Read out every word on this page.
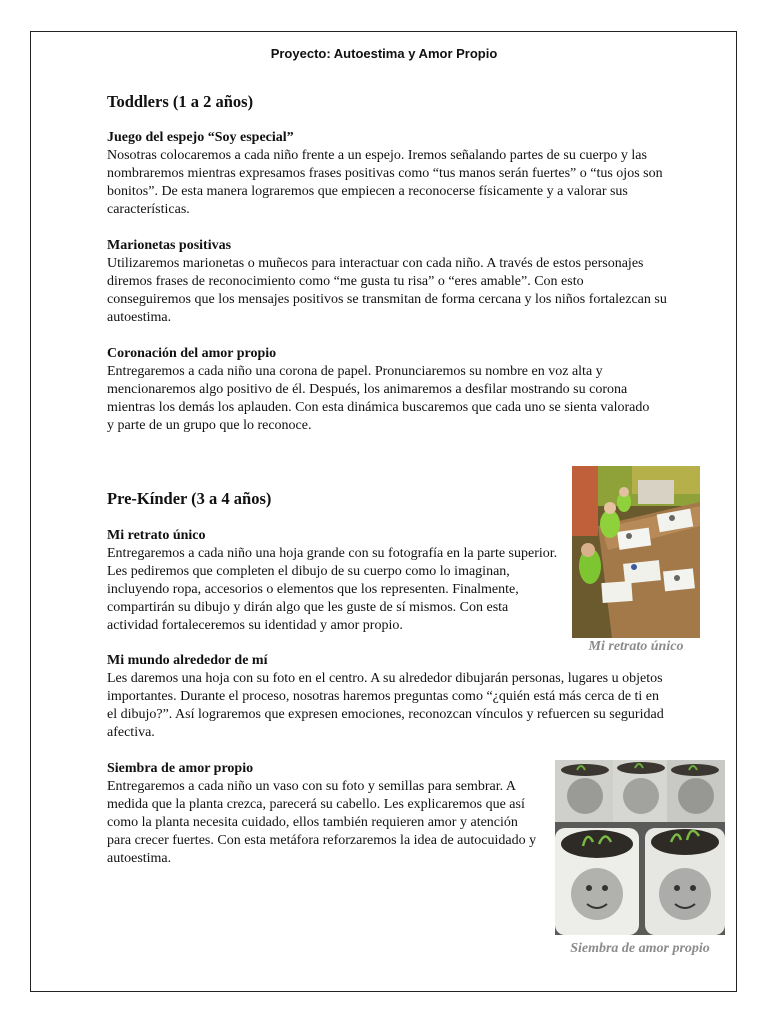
Proyecto: Autoestima y Amor Propio
Toddlers (1 a 2 años)
Juego del espejo “Soy especial”
Nosotras colocaremos a cada niño frente a un espejo. Iremos señalando partes de su cuerpo y las nombraremos mientras expresamos frases positivas como “tus manos serán fuertes” o “tus ojos son bonitos”. De esta manera lograremos que empiecen a reconocerse físicamente y a valorar sus características.
Marionetas positivas
Utilizaremos marionetas o muñecos para interactuar con cada niño. A través de estos personajes diremos frases de reconocimiento como “me gusta tu risa” o “eres amable”. Con esto conseguiremos que los mensajes positivos se transmitan de forma cercana y los niños fortalezcan su autoestima.
Coronación del amor propio
Entregaremos a cada niño una corona de papel. Pronunciaremos su nombre en voz alta y mencionaremos algo positivo de él. Después, los animaremos a desfilar mostrando su corona mientras los demás los aplauden. Con esta dinámica buscaremos que cada uno se sienta valorado y parte de un grupo que lo reconoce.
Pre-Kínder (3 a 4 años)
Mi retrato único
Entregaremos a cada niño una hoja grande con su fotografía en la parte superior. Les pediremos que completen el dibujo de su cuerpo como lo imaginan, incluyendo ropa, accesorios o elementos que los representen. Finalmente, compartirán su dibujo y dirán algo que les guste de sí mismos. Con esta actividad fortaleceremos su identidad y amor propio.
Mi mundo alrededor de mí
Les daremos una hoja con su foto en el centro. A su alrededor dibujarán personas, lugares u objetos importantes. Durante el proceso, nosotras haremos preguntas como “¿quién está más cerca de ti en el dibujo?”. Así lograremos que expresen emociones, reconozcan vínculos y refuercen su seguridad afectiva.
Siembra de amor propio
Entregaremos a cada niño un vaso con su foto y semillas para sembrar. A medida que la planta crezca, parecerá su cabello. Les explicaremos que así como la planta necesita cuidado, ellos también requieren amor y atención para crecer fuertes. Con esta metáfora reforzaremos la idea de autocuidado y autoestima.
Mi retrato único
Siembra de amor propio
